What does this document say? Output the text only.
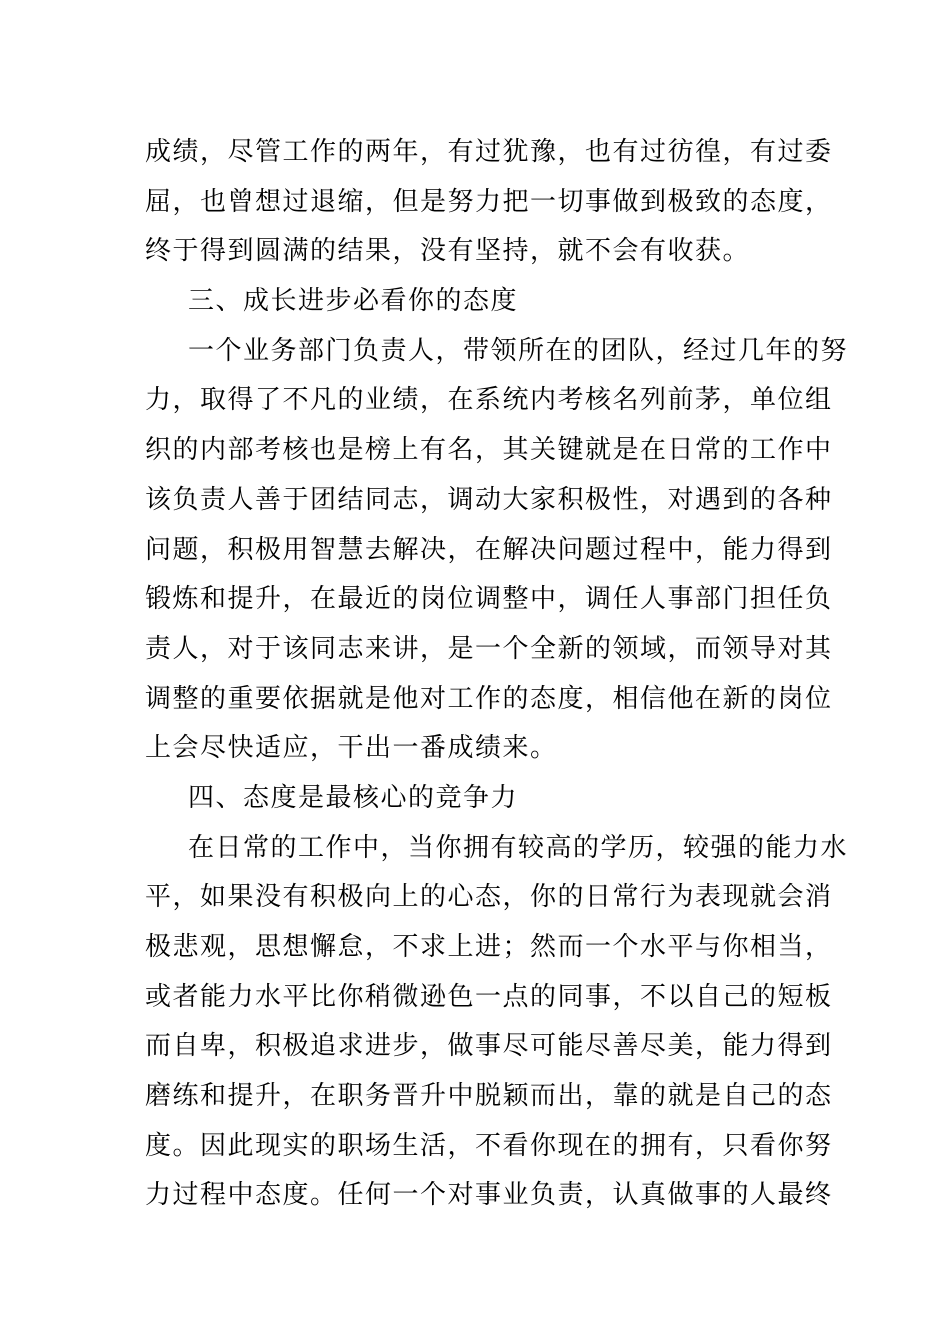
成绩，尽管工作的两年，有过犹豫，也有过彷徨，有过委
屈，也曾想过退缩，但是努力把一切事做到极致的态度，
终于得到圆满的结果，没有坚持，就不会有收获。

三、成长进步必看你的态度

一个业务部门负责人，带领所在的团队，经过几年的努
力，取得了不凡的业绩，在系统内考核名列前茅，单位组
织的内部考核也是榜上有名，其关键就是在日常的工作中
该负责人善于团结同志，调动大家积极性，对遇到的各种
问题，积极用智慧去解决，在解决问题过程中，能力得到
锻炼和提升，在最近的岗位调整中，调任人事部门担任负
责人，对于该同志来讲，是一个全新的领域，而领导对其
调整的重要依据就是他对工作的态度，相信他在新的岗位
上会尽快适应，干出一番成绩来。

四、态度是最核心的竞争力

在日常的工作中，当你拥有较高的学历，较强的能力水
平，如果没有积极向上的心态，你的日常行为表现就会消
极悲观，思想懈怠，不求上进；然而一个水平与你相当，
或者能力水平比你稍微逊色一点的同事，不以自己的短板
而自卑，积极追求进步，做事尽可能尽善尽美，能力得到
磨练和提升，在职务晋升中脱颖而出，靠的就是自己的态
度。因此现实的职场生活，不看你现在的拥有，只看你努
力过程中态度。任何一个对事业负责，认真做事的人最终
